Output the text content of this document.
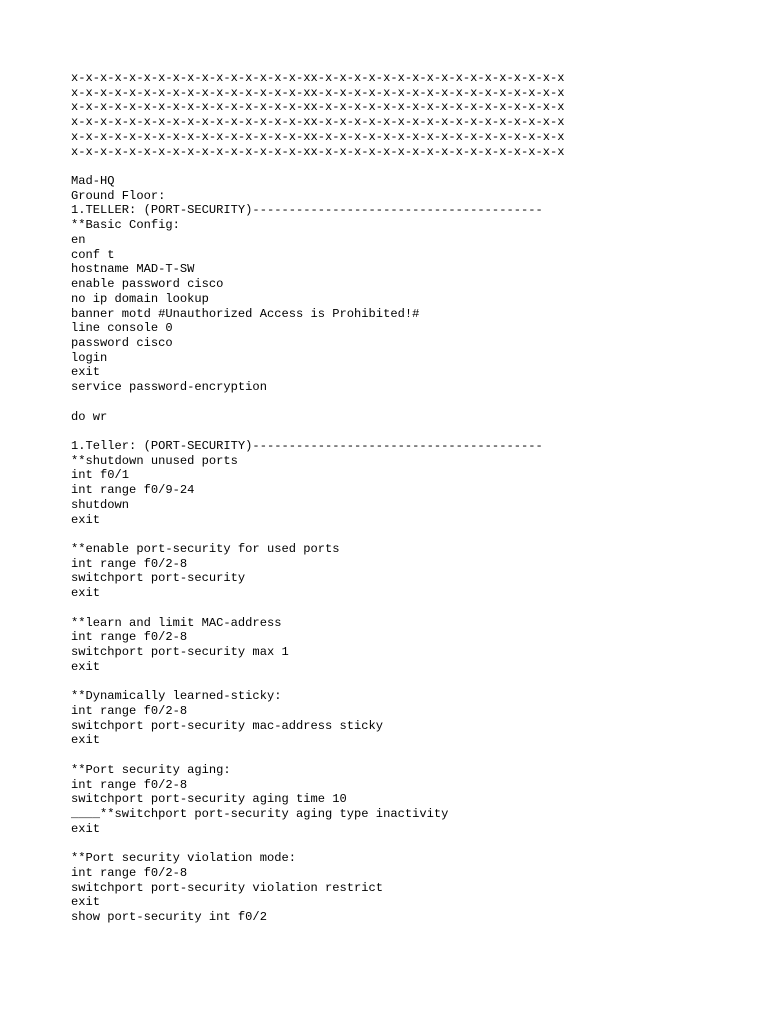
x-x-x-x-x-x-x-x-x-x-x-x-x-x-x-x-xx-x-x-x-x-x-x-x-x-x-x-x-x-x-x-x-x-x
x-x-x-x-x-x-x-x-x-x-x-x-x-x-x-x-xx-x-x-x-x-x-x-x-x-x-x-x-x-x-x-x-x-x
x-x-x-x-x-x-x-x-x-x-x-x-x-x-x-x-xx-x-x-x-x-x-x-x-x-x-x-x-x-x-x-x-x-x
x-x-x-x-x-x-x-x-x-x-x-x-x-x-x-x-xx-x-x-x-x-x-x-x-x-x-x-x-x-x-x-x-x-x
x-x-x-x-x-x-x-x-x-x-x-x-x-x-x-x-xx-x-x-x-x-x-x-x-x-x-x-x-x-x-x-x-x-x
x-x-x-x-x-x-x-x-x-x-x-x-x-x-x-x-xx-x-x-x-x-x-x-x-x-x-x-x-x-x-x-x-x-x
Mad-HQ
Ground Floor:
1.TELLER: (PORT-SECURITY)----------------------------------------
**Basic Config:
en
conf t
hostname MAD-T-SW
enable password cisco
no ip domain lookup
banner motd #Unauthorized Access is Prohibited!#
line console 0
password cisco
login
exit
service password-encryption
do wr
1.Teller: (PORT-SECURITY)----------------------------------------
**shutdown unused ports
int f0/1
int range f0/9-24
shutdown
exit
**enable port-security for used ports
int range f0/2-8
switchport port-security
exit
**learn and limit MAC-address
int range f0/2-8
switchport port-security max 1
exit
**Dynamically learned-sticky:
int range f0/2-8
switchport port-security mac-address sticky
exit
**Port security aging:
int range f0/2-8
switchport port-security aging time 10
____**switchport port-security aging type inactivity
exit
**Port security violation mode:
int range f0/2-8
switchport port-security violation restrict
exit
show port-security int f0/2
